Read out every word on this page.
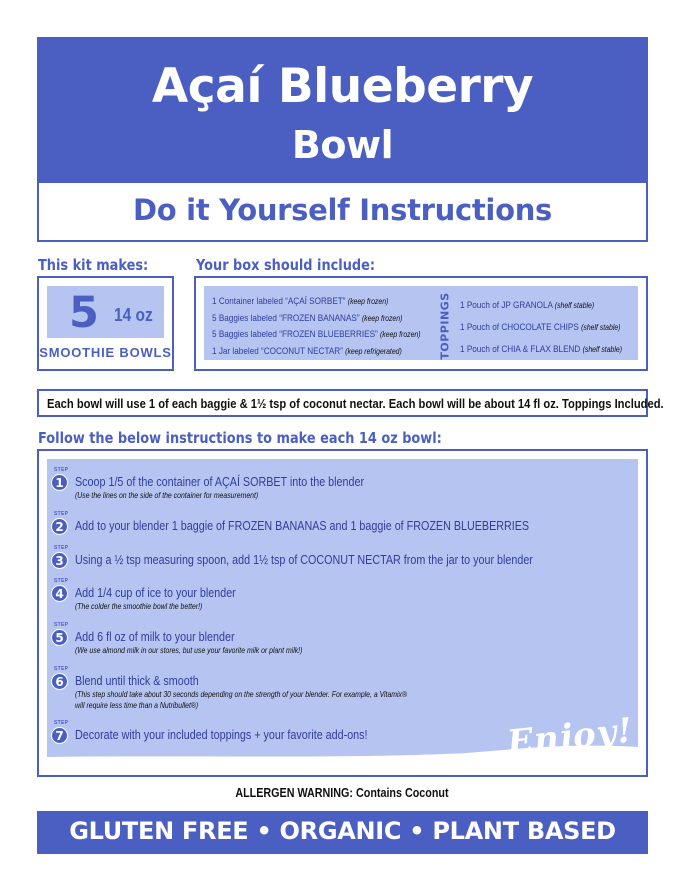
Açaí Blueberry
Bowl
Do it Yourself Instructions
This kit makes:
5 14 oz
SMOOTHIE BOWLS
Your box should include:
1 Container labeled “AÇAÍ SORBET” (keep frozen)
5 Baggies labeled “FROZEN BANANAS” (keep frozen)
5 Baggies labeled “FROZEN BLUEBERRIES” (keep frozen)
1 Jar labeled “COCONUT NECTAR” (keep refrigerated)	TOPPINGS 1 Pouch of JP GRANOLA (shelf stable)
1 Pouch of CHOCOLATE CHIPS (shelf stable)
1 Pouch of CHIA & FLAX BLEND (shelf stable)
Each bowl will use 1 of each baggie & 1½ tsp of coconut nectar. Each bowl will be about 14 fl oz. Toppings Included.
Follow the below instructions to make each 14 oz bowl:
STEP
1 Scoop 1/5 of the container of AÇAÍ SORBET into the blender
(Use the lines on the side of the container for measurement)
STEP
2 Add to your blender 1 baggie of FROZEN BANANAS and 1 baggie of FROZEN BLUEBERRIES
STEP
3 Using a ½ tsp measuring spoon, add 1½ tsp of COCONUT NECTAR from the jar to your blender
STEP
4 Add 1/4 cup of ice to your blender
(The colder the smoothie bowl the better!)
STEP
5 Add 6 fl oz of milk to your blender
(We use almond milk in our stores, but use your favorite milk or plant milk!)
STEP
6 Blend until thick & smooth
(This step should take about 30 seconds depending on the strength of your blender. For example, a Vitamix®
will require less time than a Nutribullet®)
STEP
7 Decorate with your included toppings + your favorite add-ons!	Enjoy!
ALLERGEN WARNING: Contains Coconut
GLUTEN FREE • ORGANIC • PLANT BASED
